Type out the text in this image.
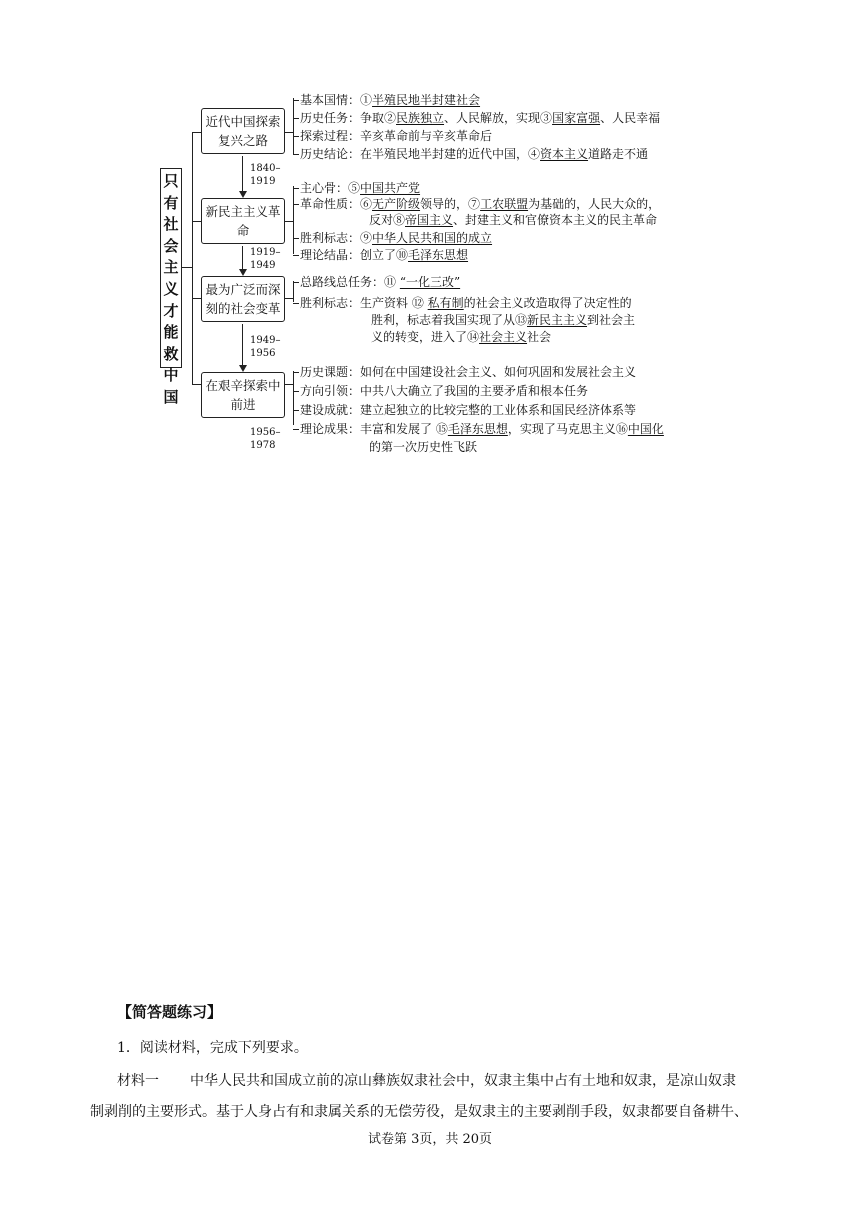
只有社会主义才能救中国
近代中国探索复兴之路
新民主主义革命
最为广泛而深刻的社会变革
在艰辛探索中前进
1840–1919
1919–1949
1949–1956
1956–1978
基本国情：①半殖民地半封建社会
历史任务：争取②民族独立、人民解放，实现③国家富强、人民幸福
探索过程：辛亥革命前与辛亥革命后
历史结论：在半殖民地半封建的近代中国，④资本主义道路走不通
主心骨：⑤中国共产党
革命性质：⑥无产阶级领导的，⑦工农联盟为基础的，人民大众的，
反对⑧帝国主义、封建主义和官僚资本主义的民主革命
胜利标志：⑨中华人民共和国的成立
理论结晶：创立了⑩毛泽东思想
总路线总任务：⑪ “一化三改”
胜利标志：生产资料 ⑫ 私有制的社会主义改造取得了决定性的
胜利，标志着我国实现了从⑬新民主主义到社会主
义的转变，进入了⑭社会主义社会
历史课题：如何在中国建设社会主义、如何巩固和发展社会主义
方向引领：中共八大确立了我国的主要矛盾和根本任务
建设成就：建立起独立的比较完整的工业体系和国民经济体系等
理论成果：丰富和发展了 ⑮毛泽东思想，实现了马克思主义⑯中国化
的第一次历史性飞跃
【简答题练习】
1．阅读材料，完成下列要求。
材料一 中华人民共和国成立前的凉山彝族奴隶社会中，奴隶主集中占有土地和奴隶，是凉山奴隶
制剥削的主要形式。基于人身占有和隶属关系的无偿劳役，是奴隶主的主要剥削手段，奴隶都要自备耕牛、
试卷第 3页，共 20页
